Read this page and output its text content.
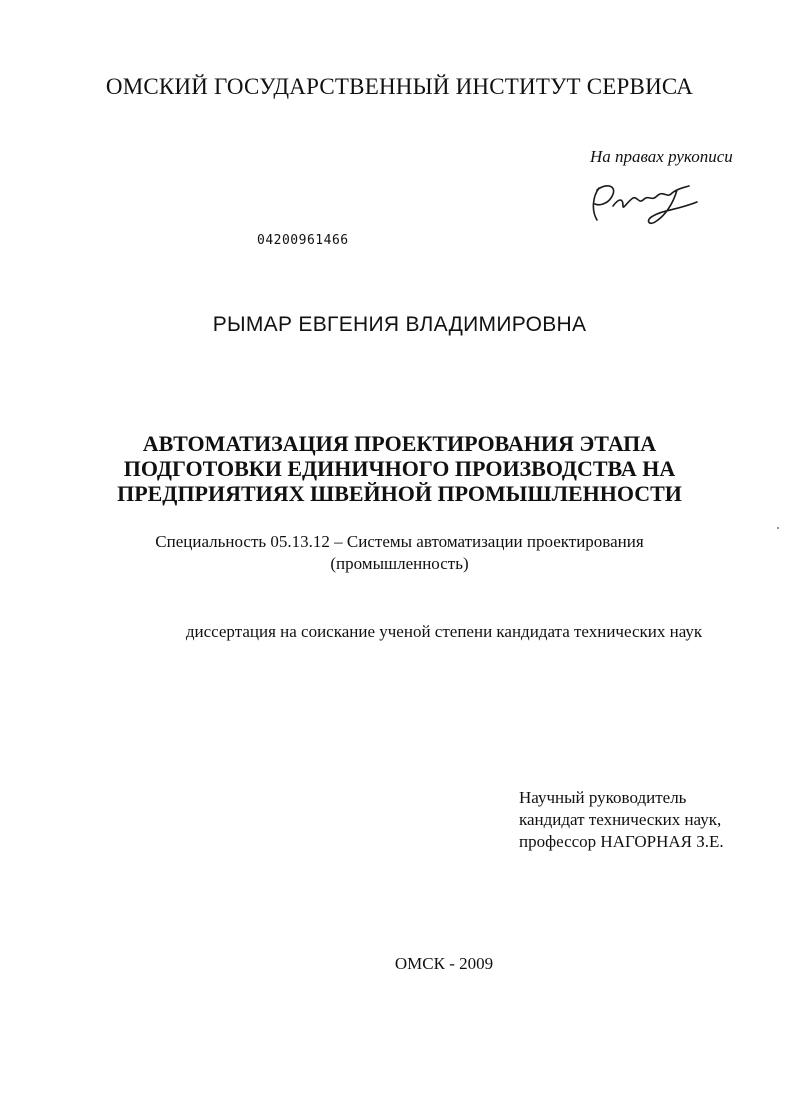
ОМСКИЙ ГОСУДАРСТВЕННЫЙ ИНСТИТУТ СЕРВИСА
На правах рукописи
04200961466
РЫМАР ЕВГЕНИЯ ВЛАДИМИРОВНА
АВТОМАТИЗАЦИЯ ПРОЕКТИРОВАНИЯ ЭТАПА
ПОДГОТОВКИ ЕДИНИЧНОГО ПРОИЗВОДСТВА НА
ПРЕДПРИЯТИЯХ ШВЕЙНОЙ ПРОМЫШЛЕННОСТИ
Специальность 05.13.12 – Системы автоматизации проектирования
(промышленность)
диссертация на соискание ученой степени кандидата технических наук
Научный руководитель
кандидат технических наук,
профессор НАГОРНАЯ З.Е.
ОМСК - 2009
